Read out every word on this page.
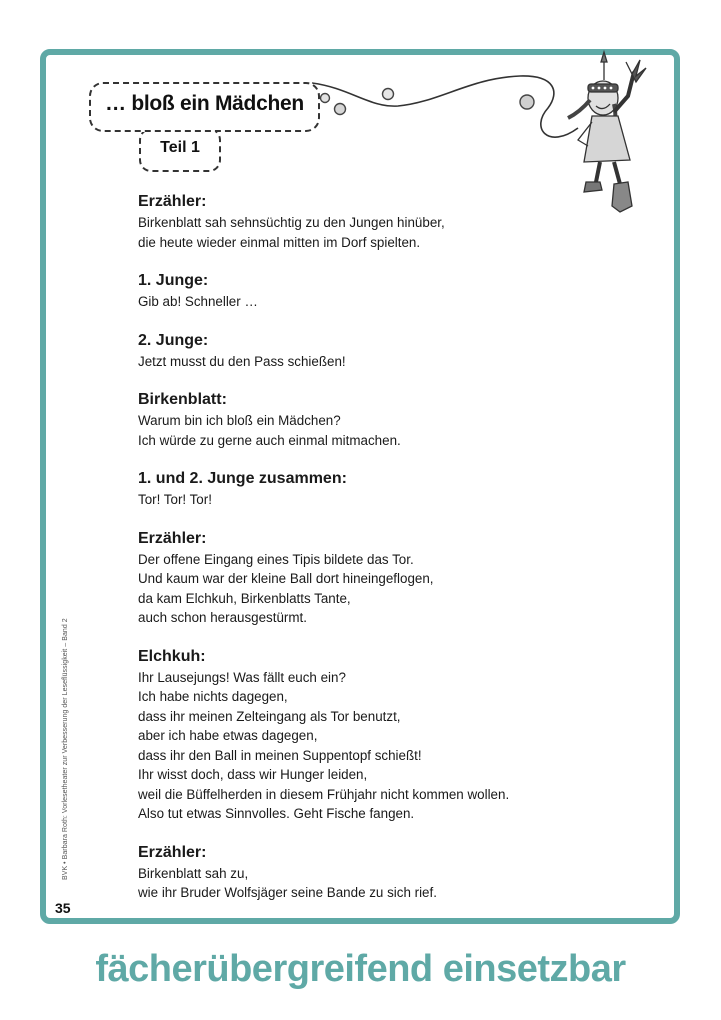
… bloß ein Mädchen
Teil 1
Erzähler:
Birkenblatt sah sehnsüchtig zu den Jungen hinüber,
die heute wieder einmal mitten im Dorf spielten.
1. Junge:
Gib ab! Schneller …
2. Junge:
Jetzt musst du den Pass schießen!
Birkenblatt:
Warum bin ich bloß ein Mädchen?
Ich würde zu gerne auch einmal mitmachen.
1. und 2. Junge zusammen:
Tor! Tor! Tor!
Erzähler:
Der offene Eingang eines Tipis bildete das Tor.
Und kaum war der kleine Ball dort hineingeflogen,
da kam Elchkuh, Birkenblatts Tante,
auch schon herausgestürmt.
Elchkuh:
Ihr Lausejungs! Was fällt euch ein?
Ich habe nichts dagegen,
dass ihr meinen Zelteingang als Tor benutzt,
aber ich habe etwas dagegen,
dass ihr den Ball in meinen Suppentopf schießt!
Ihr wisst doch, dass wir Hunger leiden,
weil die Büffelherden in diesem Frühjahr nicht kommen wollen.
Also tut etwas Sinnvolles. Geht Fische fangen.
Erzähler:
Birkenblatt sah zu,
wie ihr Bruder Wolfsjäger seine Bande zu sich rief.
BVK • Barbara Roth: Vorlesetheater zur Verbesserung der Leseflüssigkeit – Band 2
35
fächerübergreifend einsetzbar
